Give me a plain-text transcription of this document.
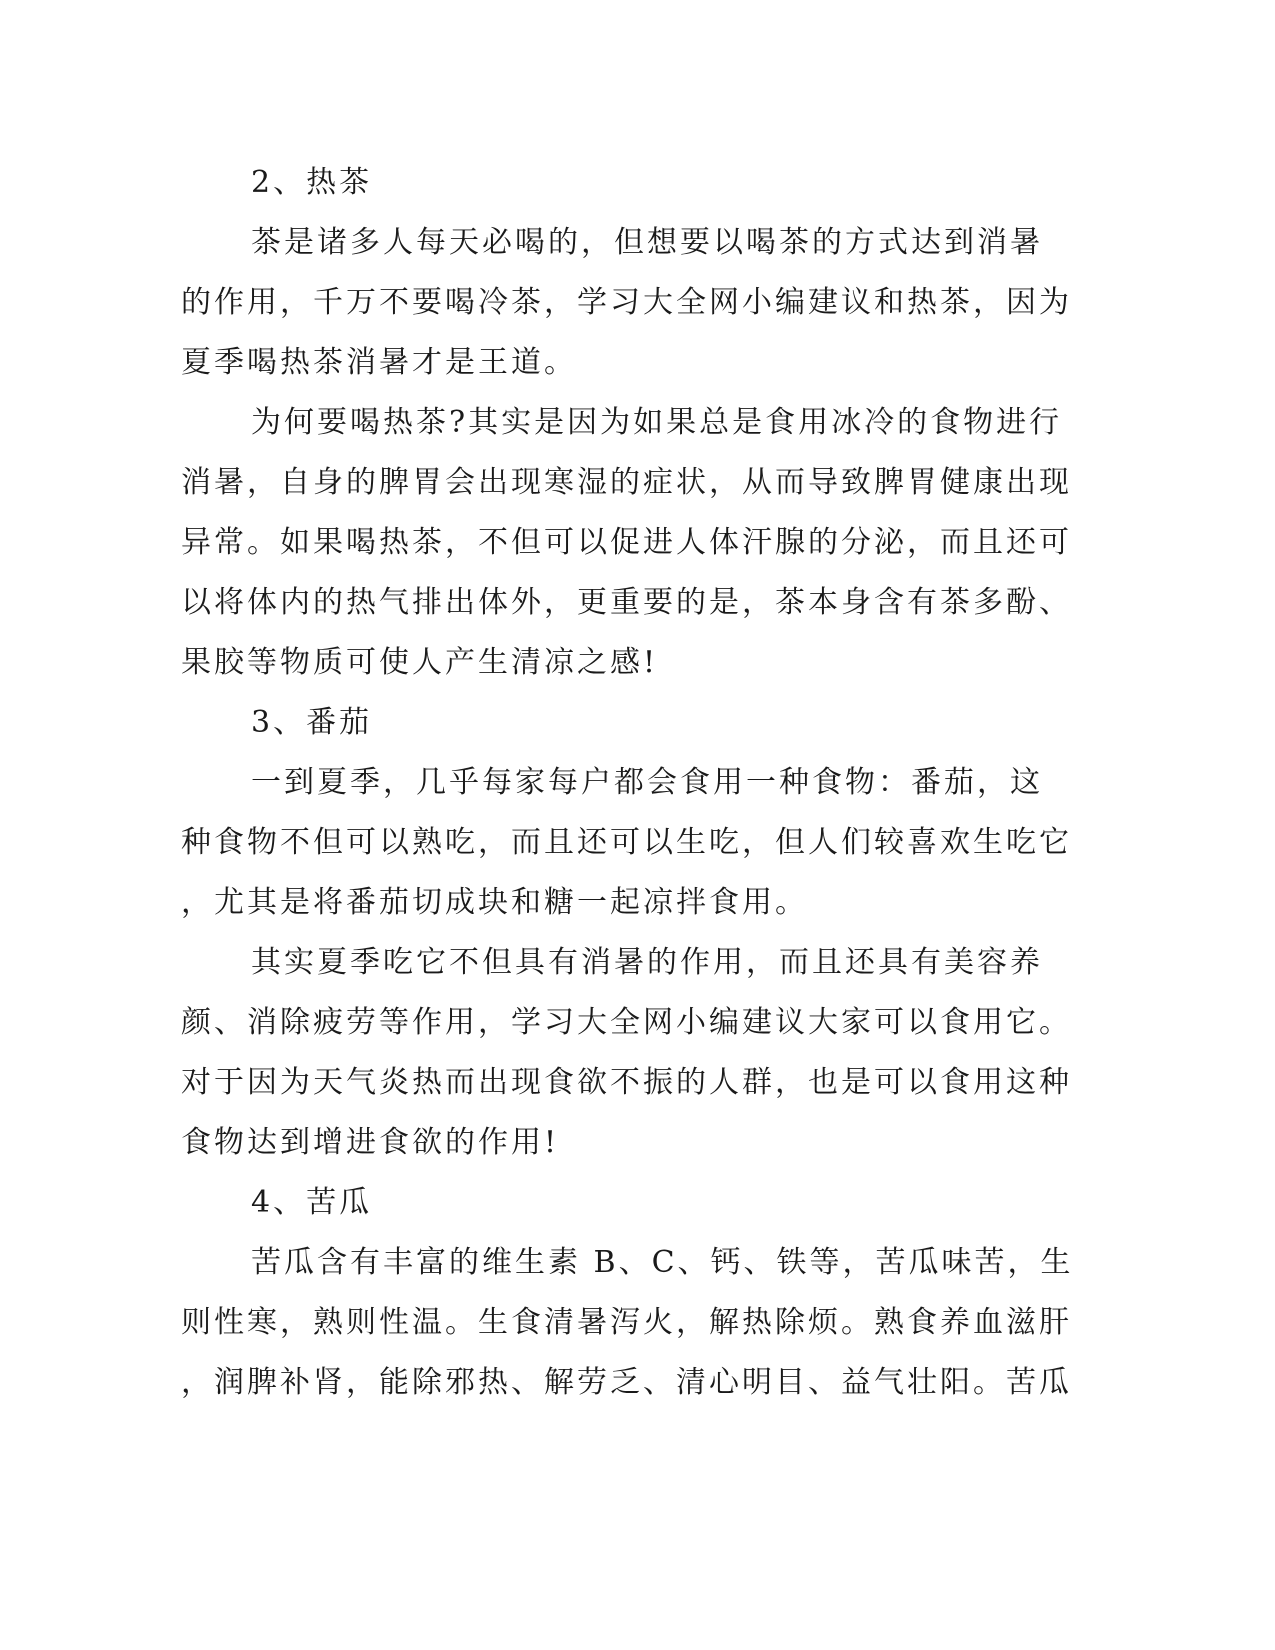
2、热茶
茶是诸多人每天必喝的，但想要以喝茶的方式达到消暑
的作用，千万不要喝冷茶，学习大全网小编建议和热茶，因为
夏季喝热茶消暑才是王道。
为何要喝热茶?其实是因为如果总是食用冰冷的食物进行
消暑，自身的脾胃会出现寒湿的症状，从而导致脾胃健康出现
异常。如果喝热茶，不但可以促进人体汗腺的分泌，而且还可
以将体内的热气排出体外，更重要的是，茶本身含有茶多酚、
果胶等物质可使人产生清凉之感!
3、番茄
一到夏季，几乎每家每户都会食用一种食物：番茄，这
种食物不但可以熟吃，而且还可以生吃，但人们较喜欢生吃它
，尤其是将番茄切成块和糖一起凉拌食用。
其实夏季吃它不但具有消暑的作用，而且还具有美容养
颜、消除疲劳等作用，学习大全网小编建议大家可以食用它。
对于因为天气炎热而出现食欲不振的人群，也是可以食用这种
食物达到增进食欲的作用!
4、苦瓜
苦瓜含有丰富的维生素 B、C、钙、铁等，苦瓜味苦，生
则性寒，熟则性温。生食清暑泻火，解热除烦。熟食养血滋肝
，润脾补肾，能除邪热、解劳乏、清心明目、益气壮阳。苦瓜
